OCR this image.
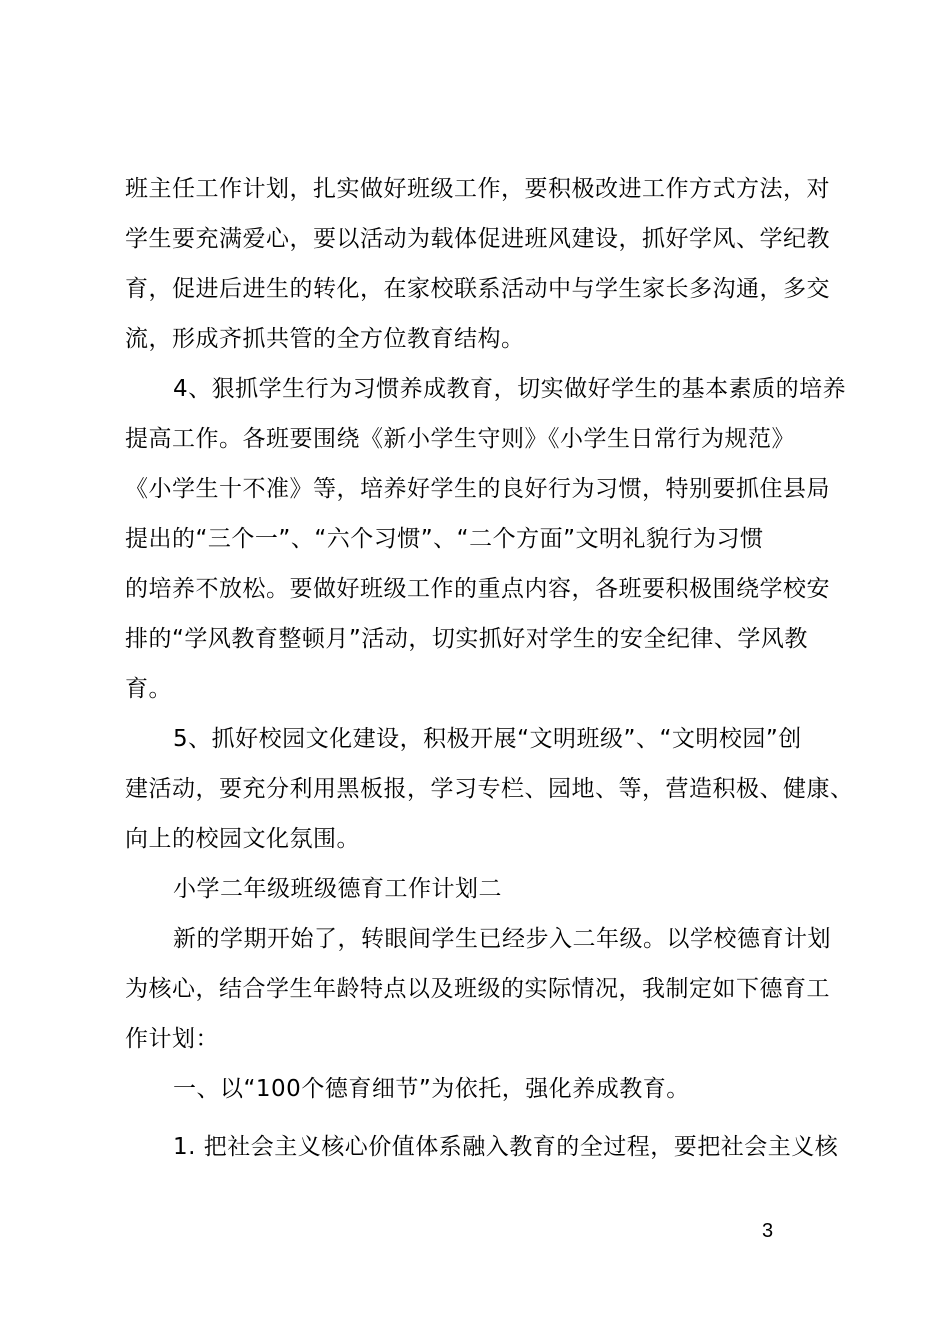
班主任工作计划，扎实做好班级工作，要积极改进工作方式方法，对
学生要充满爱心，要以活动为载体促进班风建设，抓好学风、学纪教
育，促进后进生的转化，在家校联系活动中与学生家长多沟通，多交
流，形成齐抓共管的全方位教育结构。
4、狠抓学生行为习惯养成教育，切实做好学生的基本素质的培养
提高工作。各班要围绕《新小学生守则》《小学生日常行为规范》
《小学生十不准》等，培养好学生的良好行为习惯，特别要抓住县局
提出的“三个一”、“六个习惯”、“二个方面”文明礼貌行为习惯
的培养不放松。要做好班级工作的重点内容，各班要积极围绕学校安
排的“学风教育整顿月”活动，切实抓好对学生的安全纪律、学风教
育。
5、抓好校园文化建设，积极开展“文明班级”、“文明校园”创
建活动，要充分利用黑板报，学习专栏、园地、等，营造积极、健康、
向上的校园文化氛围。
小学二年级班级德育工作计划二
新的学期开始了，转眼间学生已经步入二年级。以学校德育计划
为核心，结合学生年龄特点以及班级的实际情况，我制定如下德育工
作计划：
一、以“100个德育细节”为依托，强化养成教育。
1. 把社会主义核心价值体系融入教育的全过程，要把社会主义核
3
